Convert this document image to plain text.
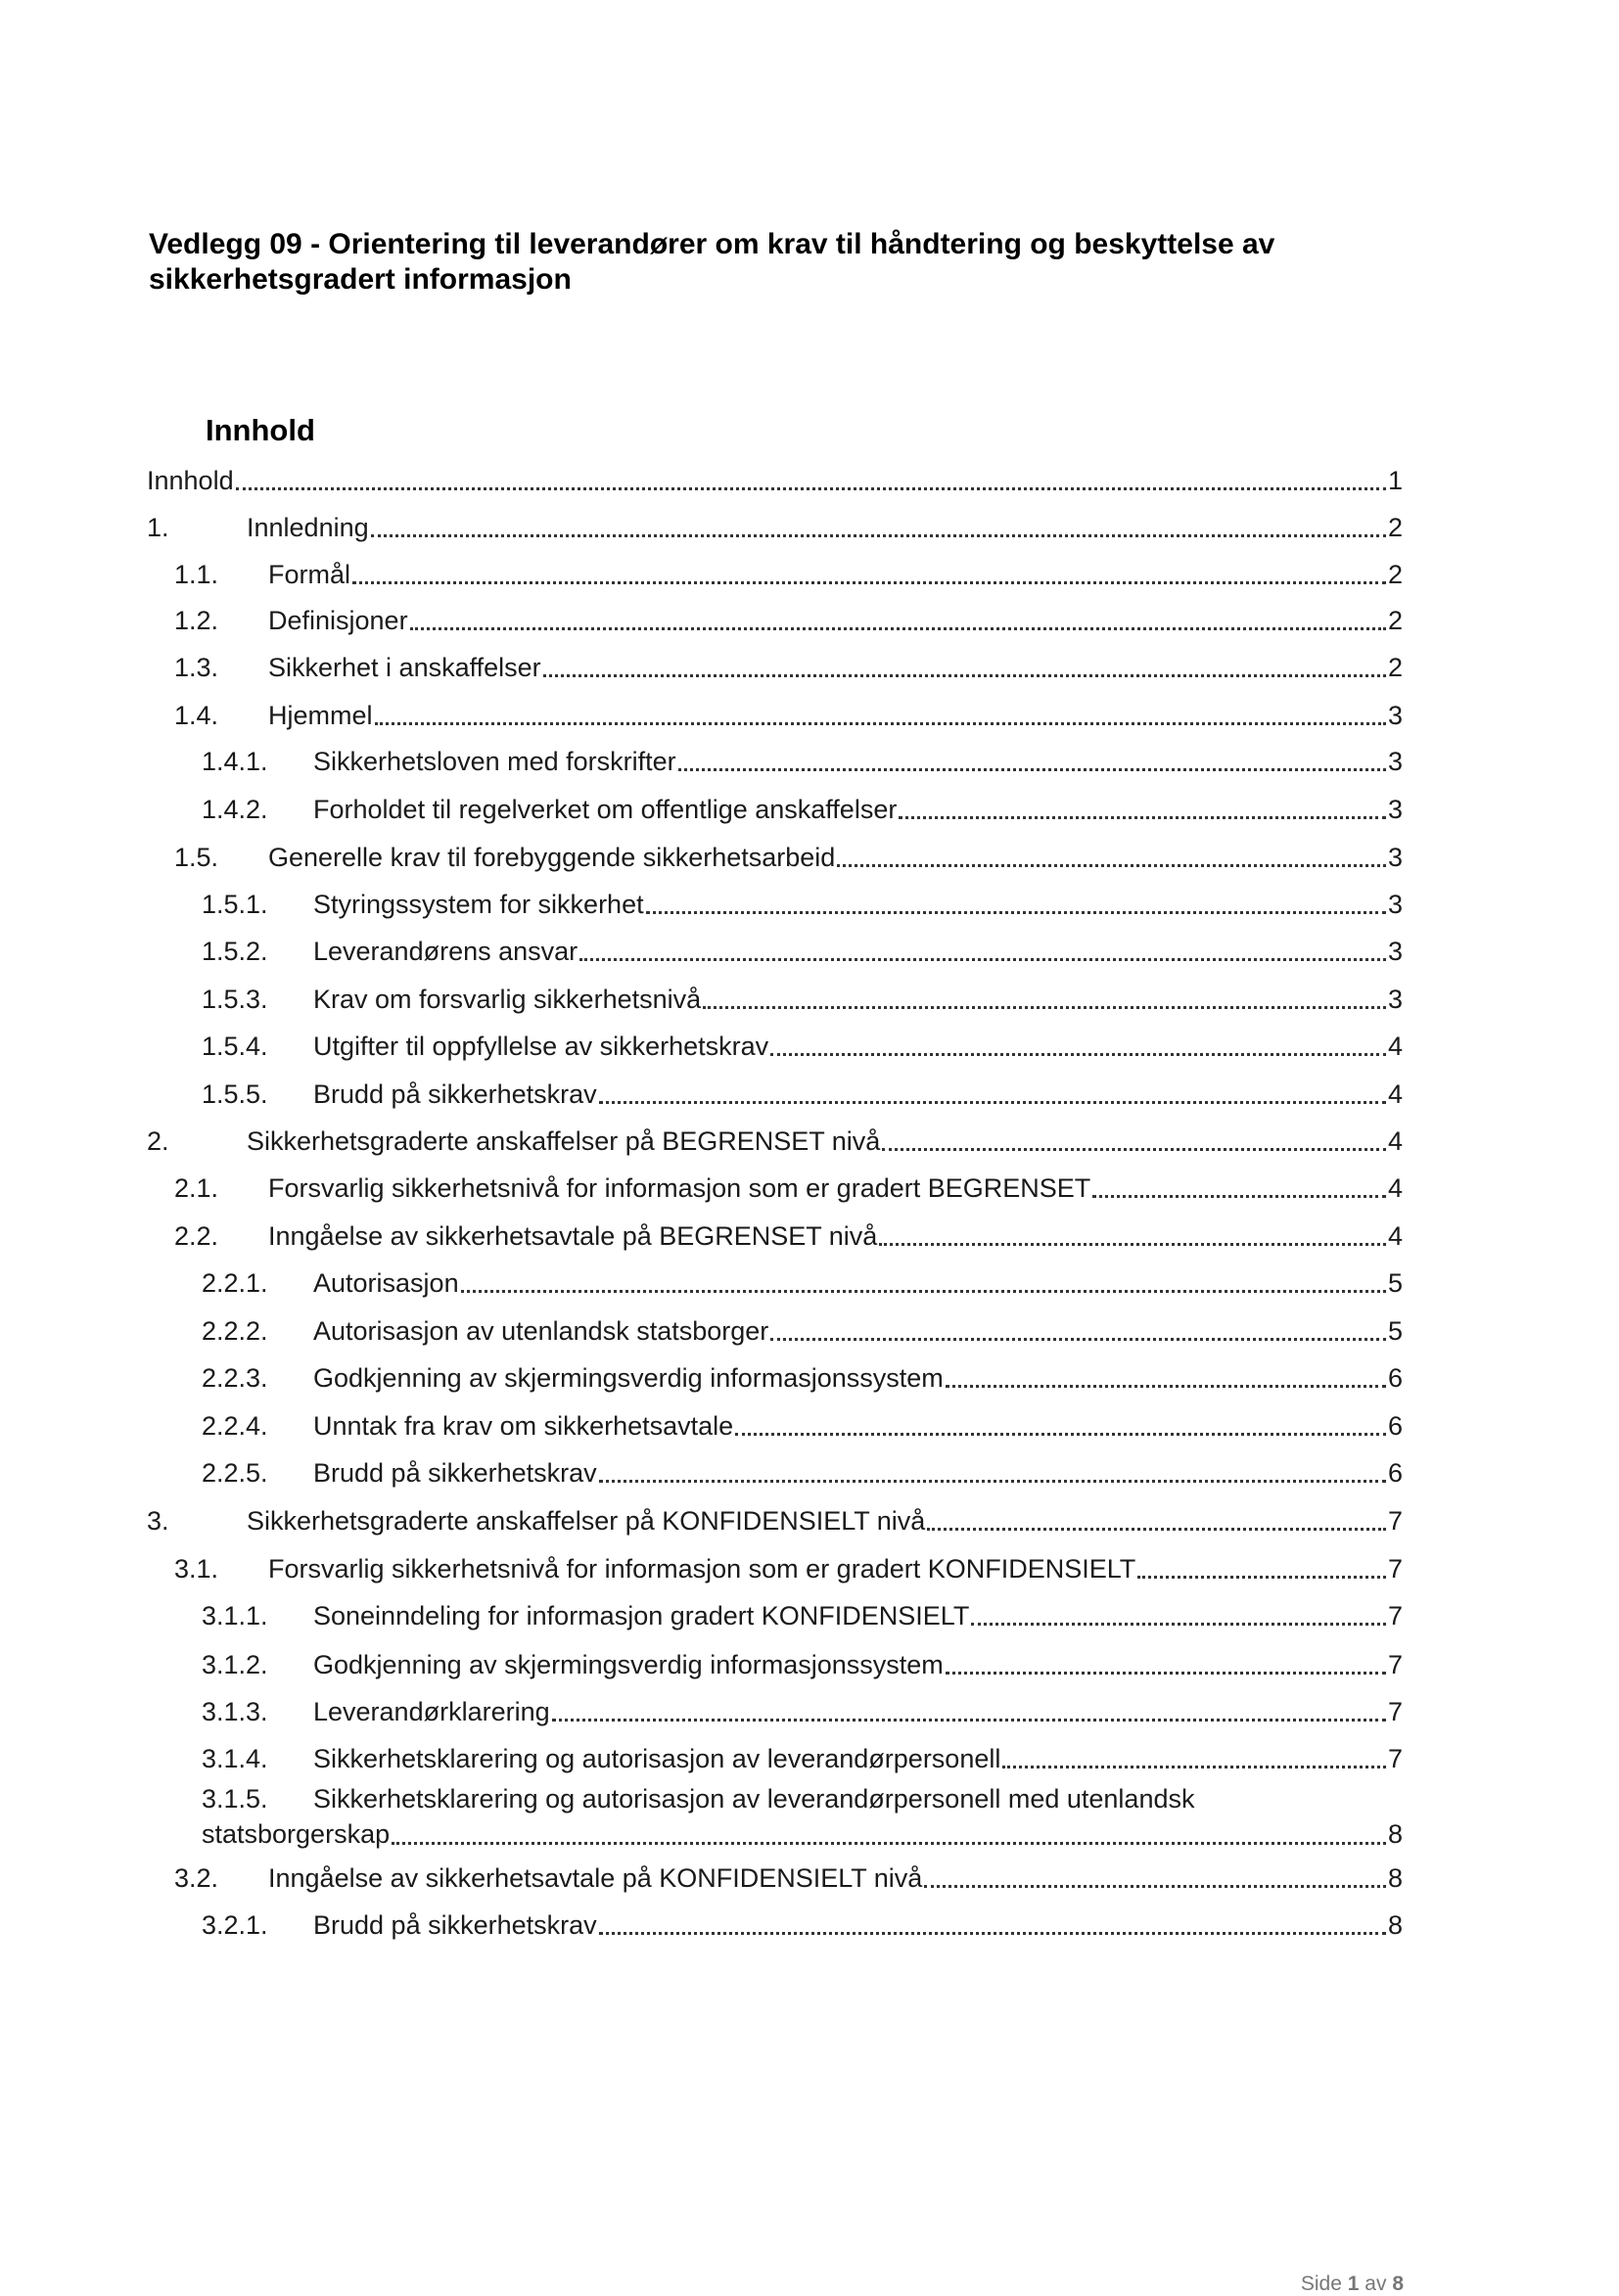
Vedlegg 09 - Orientering til leverandører om krav til håndtering og beskyttelse av sikkerhetsgradert informasjon
Innhold
Innhold	1
1.	Innledning	2
1.1.	Formål	2
1.2.	Definisjoner	2
1.3.	Sikkerhet i anskaffelser	2
1.4.	Hjemmel	3
1.4.1.	Sikkerhetsloven med forskrifter	3
1.4.2.	Forholdet til regelverket om offentlige anskaffelser	3
1.5.	Generelle krav til forebyggende sikkerhetsarbeid	3
1.5.1.	Styringssystem for sikkerhet	3
1.5.2.	Leverandørens ansvar	3
1.5.3.	Krav om forsvarlig sikkerhetsnivå	3
1.5.4.	Utgifter til oppfyllelse av sikkerhetskrav	4
1.5.5.	Brudd på sikkerhetskrav	4
2.	Sikkerhetsgraderte anskaffelser på BEGRENSET nivå	4
2.1.	Forsvarlig sikkerhetsnivå for informasjon som er gradert BEGRENSET	4
2.2.	Inngåelse av sikkerhetsavtale på BEGRENSET nivå	4
2.2.1.	Autorisasjon	5
2.2.2.	Autorisasjon av utenlandsk statsborger	5
2.2.3.	Godkjenning av skjermingsverdig informasjonssystem	6
2.2.4.	Unntak fra krav om sikkerhetsavtale	6
2.2.5.	Brudd på sikkerhetskrav	6
3.	Sikkerhetsgraderte anskaffelser på KONFIDENSIELT nivå	7
3.1.	Forsvarlig sikkerhetsnivå for informasjon som er gradert KONFIDENSIELT	7
3.1.1.	Soneinndeling for informasjon gradert KONFIDENSIELT	7
3.1.2.	Godkjenning av skjermingsverdig informasjonssystem	7
3.1.3.	Leverandørklarering	7
3.1.4.	Sikkerhetsklarering og autorisasjon av leverandørpersonell	7
3.1.5.	Sikkerhetsklarering og autorisasjon av leverandørpersonell med utenlandsk
statsborgerskap	8
3.2.	Inngåelse av sikkerhetsavtale på KONFIDENSIELT nivå	8
3.2.1.	Brudd på sikkerhetskrav	8
Side 1 av 8
